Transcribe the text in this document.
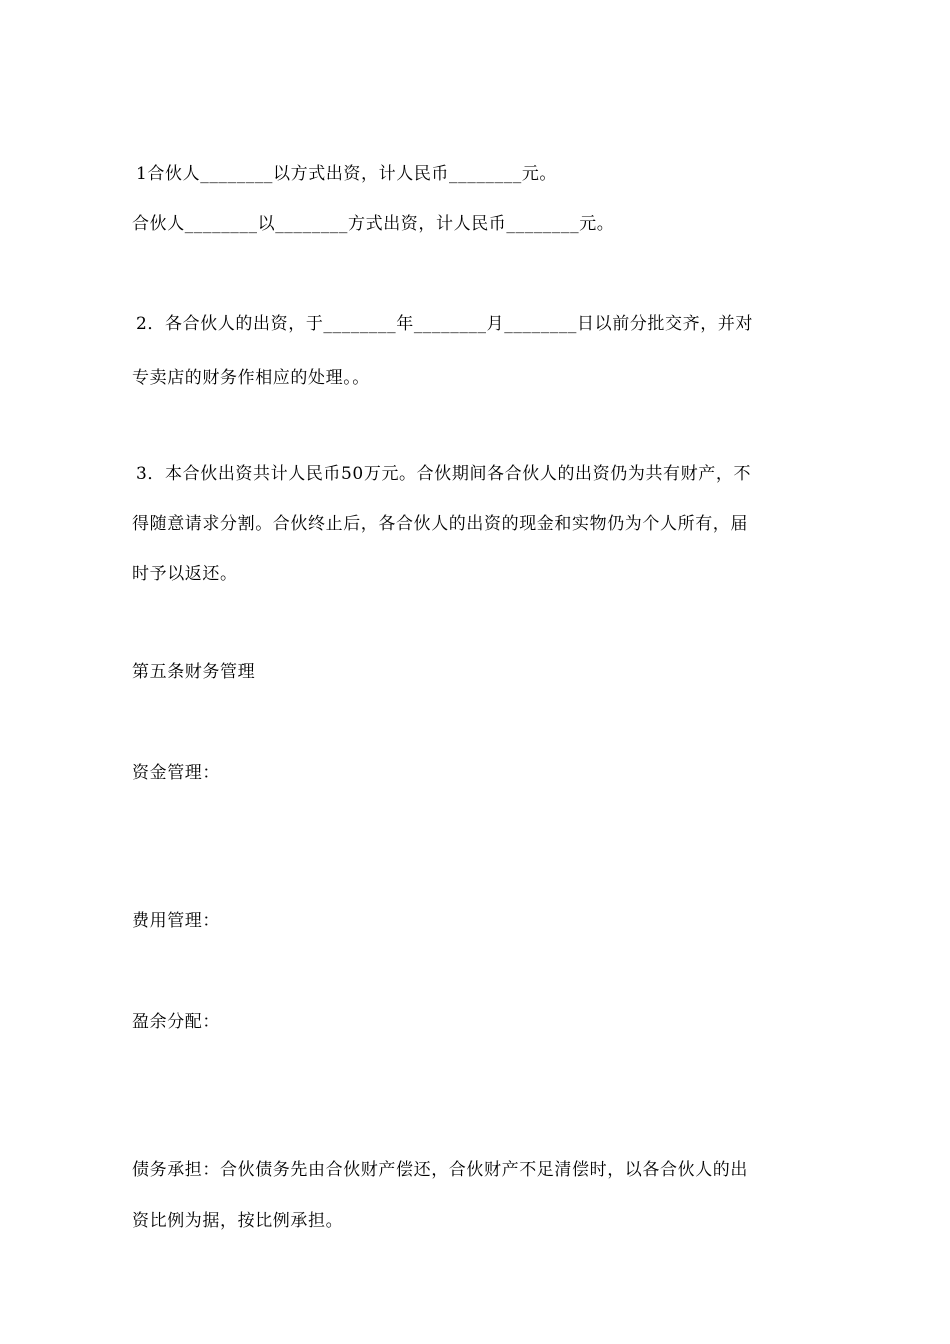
1合伙人________以方式出资，计人民币________元。
合伙人________以________方式出资，计人民币________元。
2．各合伙人的出资，于________年________月________日以前分批交齐，并对
专卖店的财务作相应的处理。。
3．本合伙出资共计人民币50万元。合伙期间各合伙人的出资仍为共有财产，不
得随意请求分割。合伙终止后，各合伙人的出资的现金和实物仍为个人所有，届
时予以返还。
第五条财务管理
资金管理：
费用管理：
盈余分配：
债务承担：合伙债务先由合伙财产偿还，合伙财产不足清偿时，以各合伙人的出
资比例为据，按比例承担。
